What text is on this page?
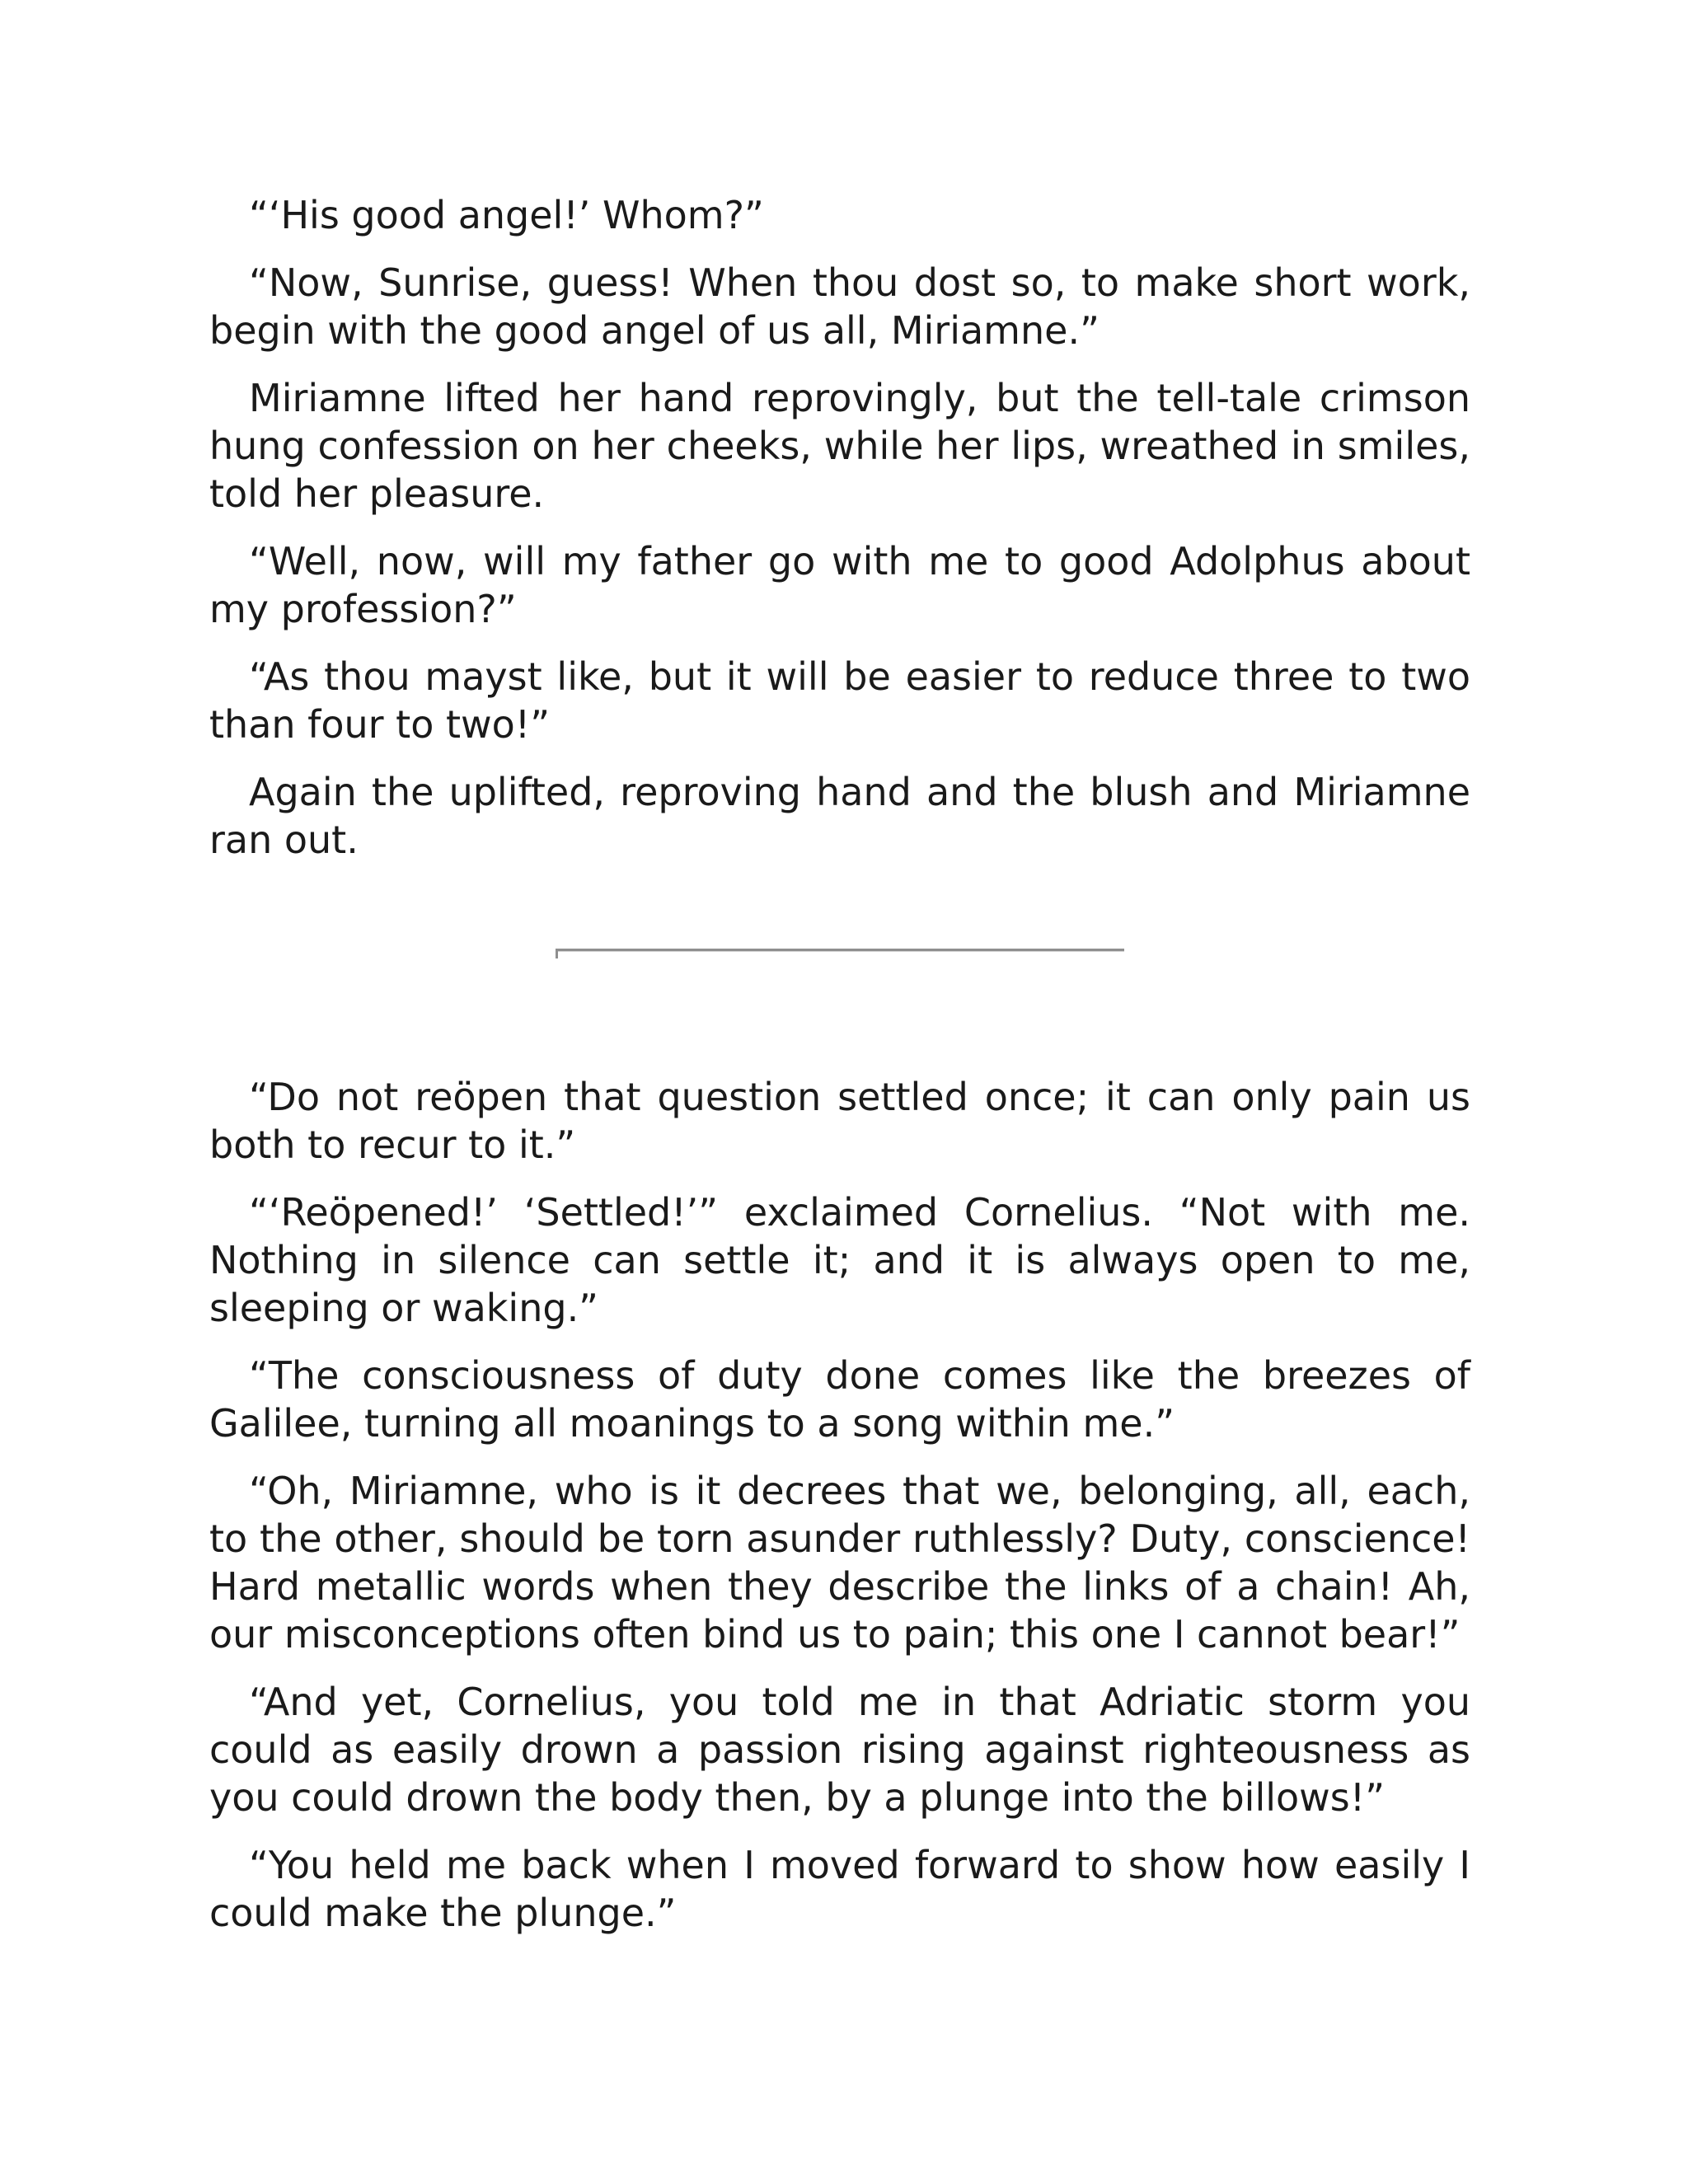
“‘His good angel!’ Whom?”

“Now, Sunrise, guess! When thou dost so, to make short work, begin with the good angel of us all, Miriamne.”

Miriamne lifted her hand reprovingly, but the tell-tale crimson hung confession on her cheeks, while her lips, wreathed in smiles, told her pleasure.

“Well, now, will my father go with me to good Adolphus about my profession?”

“As thou mayst like, but it will be easier to reduce three to two than four to two!”

Again the uplifted, reproving hand and the blush and Miriamne ran out.

“Do not reöpen that question settled once; it can only pain us both to recur to it.”

“‘Reöpened!’ ‘Settled!’” exclaimed Cornelius. “Not with me. Nothing in silence can settle it; and it is always open to me, sleeping or waking.”

“The consciousness of duty done comes like the breezes of Galilee, turning all moanings to a song within me.”

“Oh, Miriamne, who is it decrees that we, belonging, all, each, to the other, should be torn asunder ruthlessly? Duty, conscience! Hard metallic words when they describe the links of a chain! Ah, our misconceptions often bind us to pain; this one I cannot bear!”

“And yet, Cornelius, you told me in that Adriatic storm you could as easily drown a passion rising against righteousness as you could drown the body then, by a plunge into the billows!”

“You held me back when I moved forward to show how easily I could make the plunge.”
